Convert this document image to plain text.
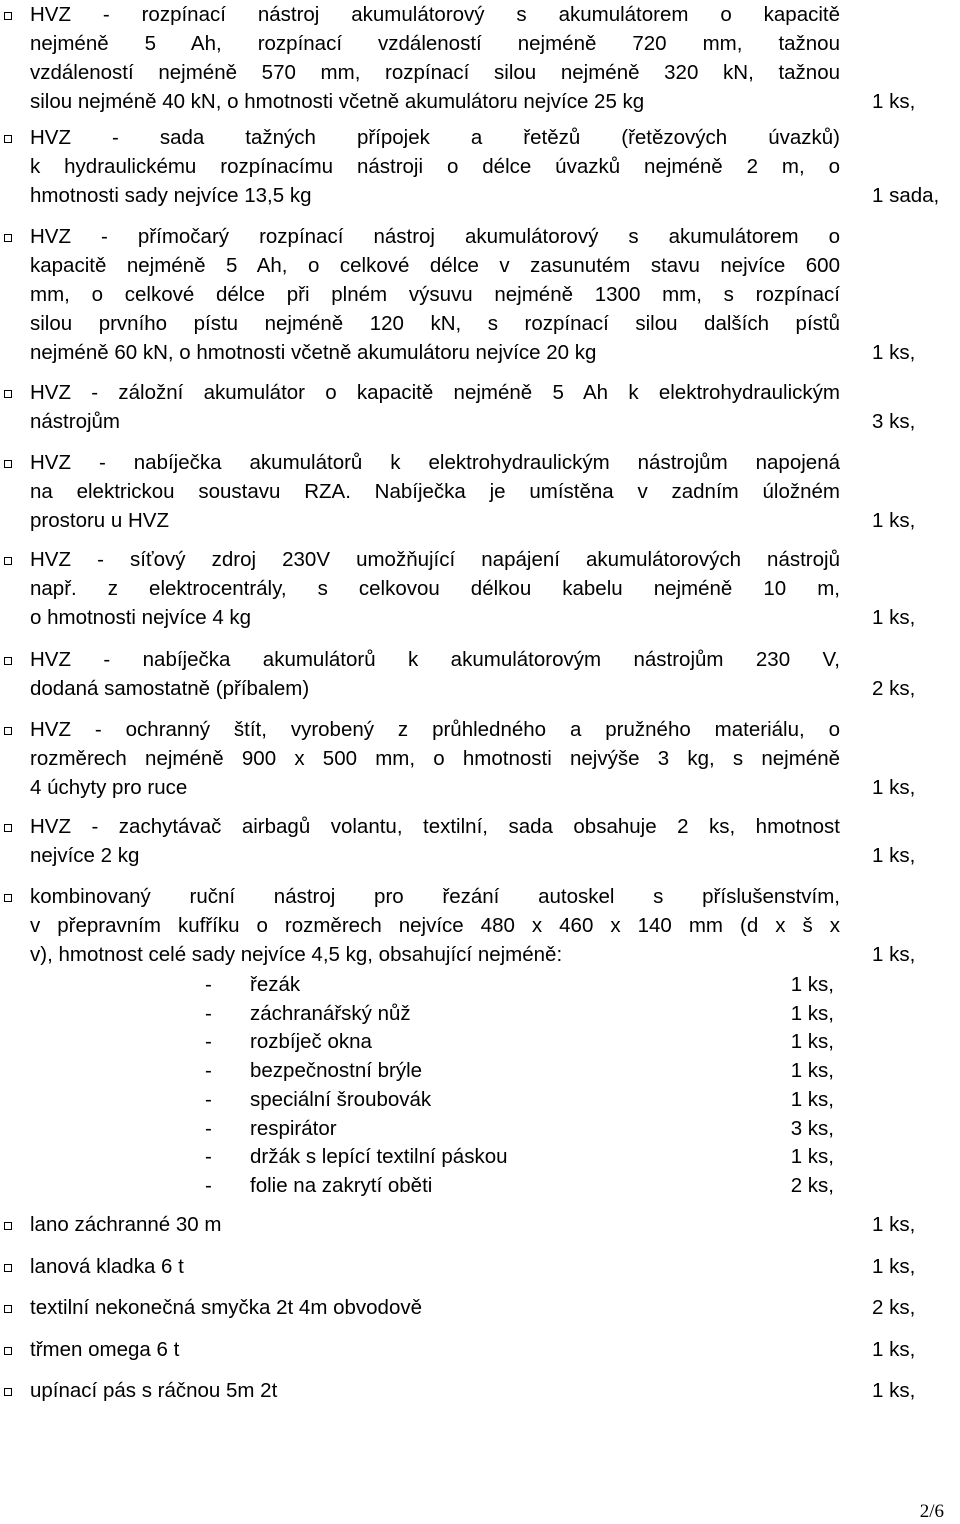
HVZ - rozpínací nástroj akumulátorový s akumulátorem o kapacitě
nejméně 5 Ah, rozpínací vzdáleností nejméně 720 mm, tažnou
vzdáleností nejméně 570 mm, rozpínací silou nejméně 320 kN, tažnou
silou nejméně 40 kN, o hmotnosti včetně akumulátoru nejvíce 25 kg	1 ks,
HVZ - sada tažných přípojek a řetězů (řetězových úvazků)
k hydraulickému rozpínacímu nástroji o délce úvazků nejméně 2 m, o
hmotnosti sady nejvíce 13,5 kg	1 sada,
HVZ - přímočarý rozpínací nástroj akumulátorový s akumulátorem o
kapacitě nejméně 5 Ah, o celkové délce v zasunutém stavu nejvíce 600
mm, o celkové délce při plném výsuvu nejméně 1300 mm, s rozpínací
silou prvního pístu nejméně 120 kN, s rozpínací silou dalších pístů
nejméně 60 kN, o hmotnosti včetně akumulátoru nejvíce 20 kg	1 ks,
HVZ - záložní akumulátor o kapacitě nejméně 5 Ah k elektrohydraulickým
nástrojům	3 ks,
HVZ - nabíječka akumulátorů k elektrohydraulickým nástrojům napojená
na elektrickou soustavu RZA. Nabíječka je umístěna v zadním úložném
prostoru u HVZ	1 ks,
HVZ - síťový zdroj 230V umožňující napájení akumulátorových nástrojů
např. z elektrocentrály, s celkovou délkou kabelu nejméně 10 m,
o hmotnosti nejvíce 4 kg	1 ks,
HVZ - nabíječka akumulátorů k akumulátorovým nástrojům 230 V,
dodaná samostatně (příbalem)	2 ks,
HVZ - ochranný štít, vyrobený z průhledného a pružného materiálu, o
rozměrech nejméně 900 x 500 mm, o hmotnosti nejvýše 3 kg, s nejméně
4 úchyty pro ruce	1 ks,
HVZ - zachytávač airbagů volantu, textilní, sada obsahuje 2 ks, hmotnost
nejvíce 2 kg	1 ks,
kombinovaný ruční nástroj pro řezání autoskel s příslušenstvím,
v přepravním kufříku o rozměrech nejvíce 480 x 460 x 140 mm (d x š x
v), hmotnost celé sady nejvíce 4,5 kg, obsahující nejméně:	1 ks,
- řezák	1 ks,
- záchranářský nůž	1 ks,
- rozbíječ okna	1 ks,
- bezpečnostní brýle	1 ks,
- speciální šroubovák	1 ks,
- respirátor	3 ks,
- držák s lepící textilní páskou	1 ks,
- folie na zakrytí oběti	2 ks,
lano záchranné 30 m	1 ks,
lanová kladka 6 t	1 ks,
textilní nekonečná smyčka 2t 4m obvodově	2 ks,
třmen omega 6 t	1 ks,
upínací pás s ráčnou 5m 2t	1 ks,
2/6
